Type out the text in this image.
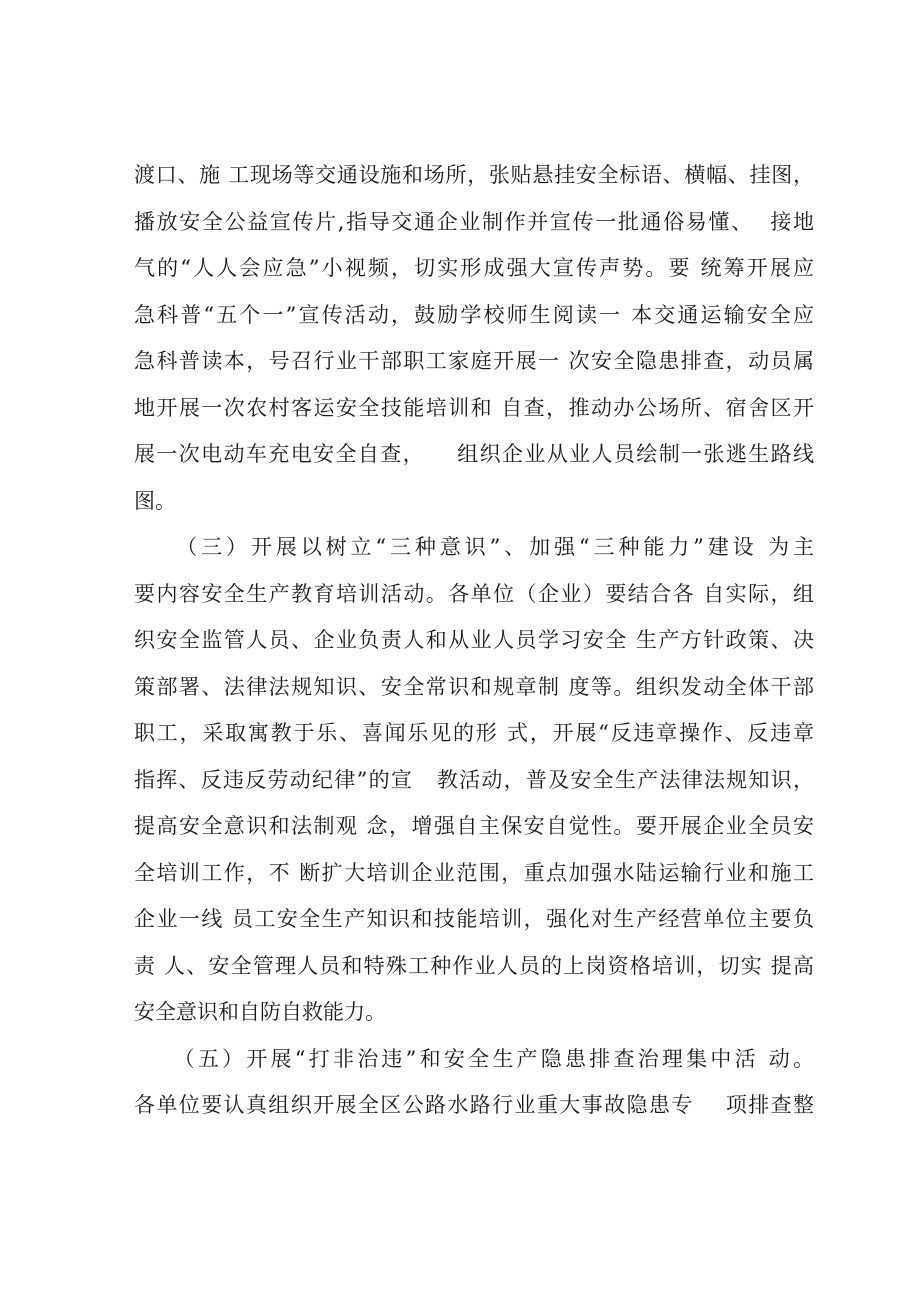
渡口、施 工现场等交通设施和场所，张贴悬挂安全标语、横幅、挂图，
播放安全公益宣传片,指导交通企业制作并宣传一批通俗易懂、  接地
气的“人人会应急”小视频，切实形成强大宣传声势。要 统筹开展应
急科普“五个一”宣传活动，鼓励学校师生阅读一 本交通运输安全应
急科普读本，号召行业干部职工家庭开展一 次安全隐患排查，动员属
地开展一次农村客运安全技能培训和 自查，推动办公场所、宿舍区开
展一次电动车充电安全自查，    组织企业从业人员绘制一张逃生路线
图。
（三）开展以树立“三种意识”、加强“三种能力”建设 为主
要内容安全生产教育培训活动。各单位（企业）要结合各 自实际，组
织安全监管人员、企业负责人和从业人员学习安全 生产方针政策、决
策部署、法律法规知识、安全常识和规章制 度等。组织发动全体干部
职工，采取寓教于乐、喜闻乐见的形 式，开展“反违章操作、反违章
指挥、反违反劳动纪律”的宣   教活动，普及安全生产法律法规知识，
提高安全意识和法制观 念，增强自主保安自觉性。要开展企业全员安
全培训工作，不 断扩大培训企业范围，重点加强水陆运输行业和施工
企业一线 员工安全生产知识和技能培训，强化对生产经营单位主要负
责 人、安全管理人员和特殊工种作业人员的上岗资格培训，切实 提高
安全意识和自防自救能力。
（五）开展“打非治违”和安全生产隐患排查治理集中活 动。
各单位要认真组织开展全区公路水路行业重大事故隐患专    项排查整
